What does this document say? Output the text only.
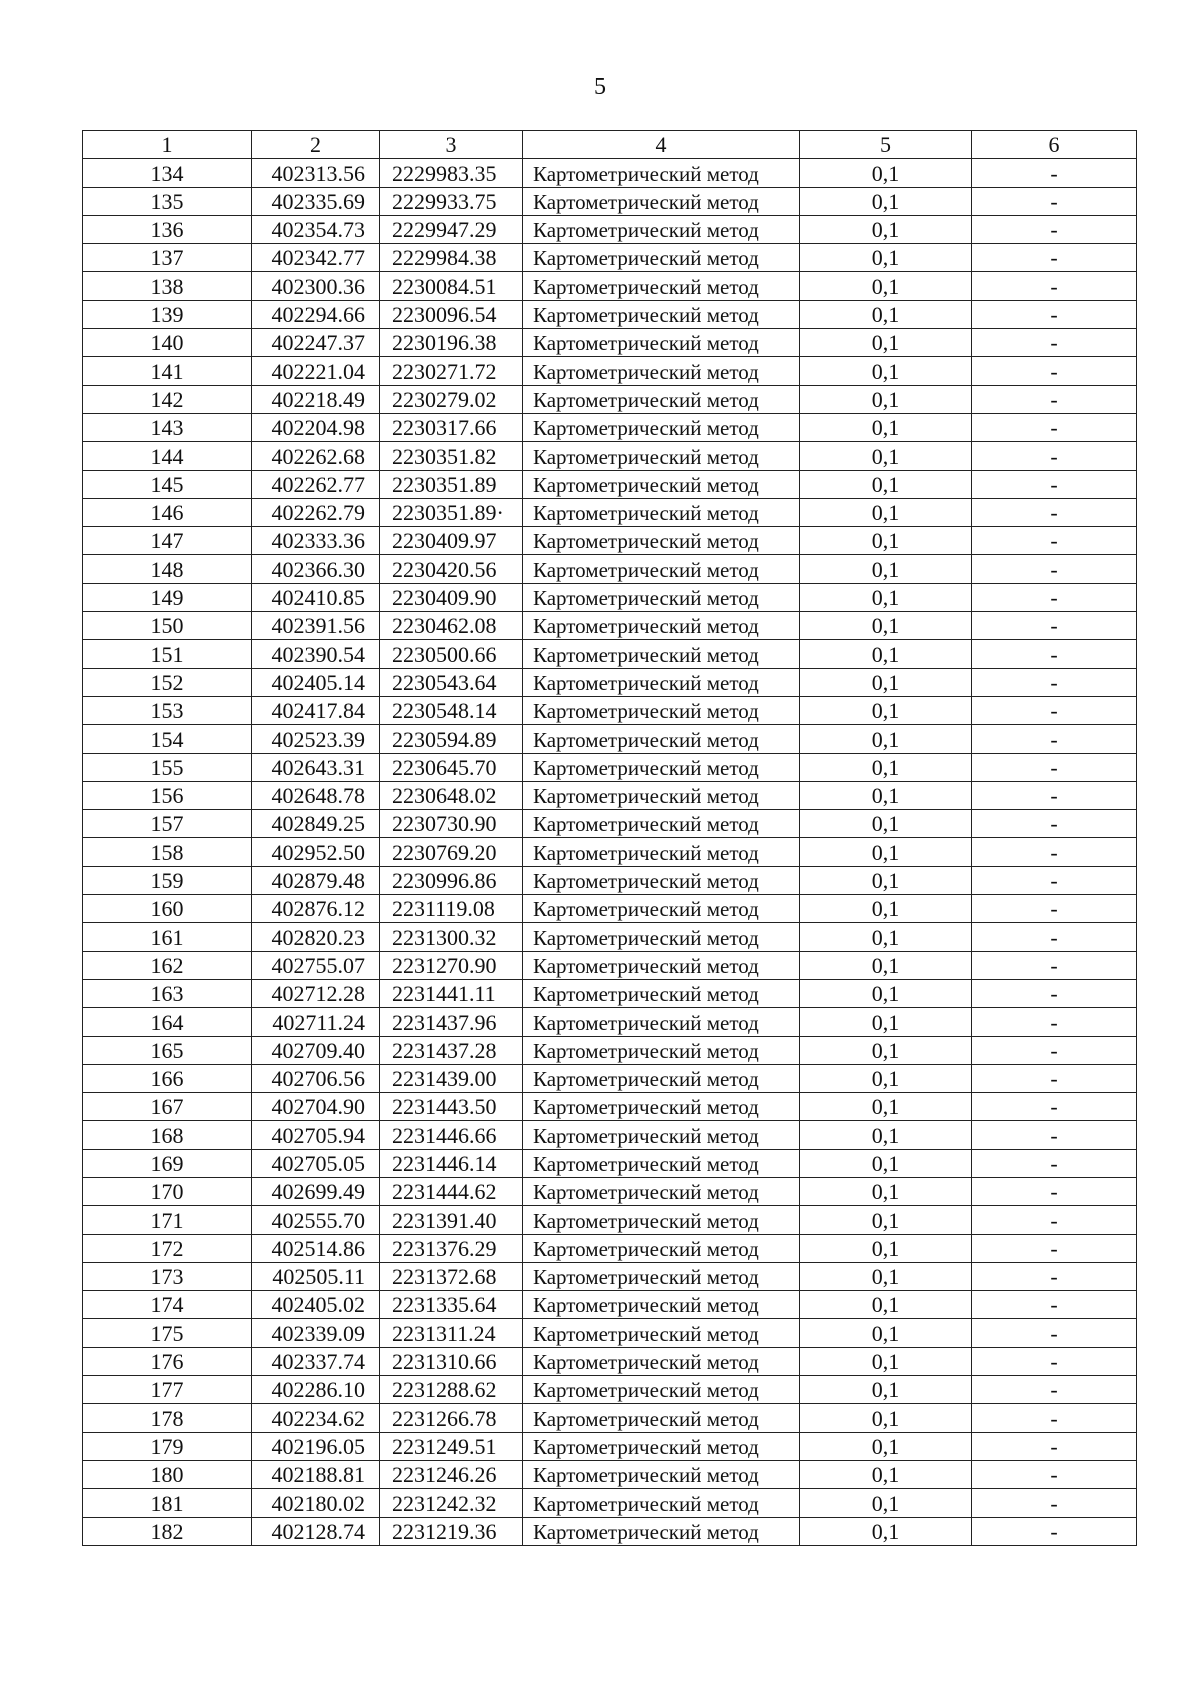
5
1	2	3	4	5	6
134	402313.56	2229983.35	Картометрический метод	0,1	-
135	402335.69	2229933.75	Картометрический метод	0,1	-
136	402354.73	2229947.29	Картометрический метод	0,1	-
137	402342.77	2229984.38	Картометрический метод	0,1	-
138	402300.36	2230084.51	Картометрический метод	0,1	-
139	402294.66	2230096.54	Картометрический метод	0,1	-
140	402247.37	2230196.38	Картометрический метод	0,1	-
141	402221.04	2230271.72	Картометрический метод	0,1	-
142	402218.49	2230279.02	Картометрический метод	0,1	-
143	402204.98	2230317.66	Картометрический метод	0,1	-
144	402262.68	2230351.82	Картометрический метод	0,1	-
145	402262.77	2230351.89	Картометрический метод	0,1	-
146	402262.79	2230351.89·	Картометрический метод	0,1	-
147	402333.36	2230409.97	Картометрический метод	0,1	-
148	402366.30	2230420.56	Картометрический метод	0,1	-
149	402410.85	2230409.90	Картометрический метод	0,1	-
150	402391.56	2230462.08	Картометрический метод	0,1	-
151	402390.54	2230500.66	Картометрический метод	0,1	-
152	402405.14	2230543.64	Картометрический метод	0,1	-
153	402417.84	2230548.14	Картометрический метод	0,1	-
154	402523.39	2230594.89	Картометрический метод	0,1	-
155	402643.31	2230645.70	Картометрический метод	0,1	-
156	402648.78	2230648.02	Картометрический метод	0,1	-
157	402849.25	2230730.90	Картометрический метод	0,1	-
158	402952.50	2230769.20	Картометрический метод	0,1	-
159	402879.48	2230996.86	Картометрический метод	0,1	-
160	402876.12	2231119.08	Картометрический метод	0,1	-
161	402820.23	2231300.32	Картометрический метод	0,1	-
162	402755.07	2231270.90	Картометрический метод	0,1	-
163	402712.28	2231441.11	Картометрический метод	0,1	-
164	402711.24	2231437.96	Картометрический метод	0,1	-
165	402709.40	2231437.28	Картометрический метод	0,1	-
166	402706.56	2231439.00	Картометрический метод	0,1	-
167	402704.90	2231443.50	Картометрический метод	0,1	-
168	402705.94	2231446.66	Картометрический метод	0,1	-
169	402705.05	2231446.14	Картометрический метод	0,1	-
170	402699.49	2231444.62	Картометрический метод	0,1	-
171	402555.70	2231391.40	Картометрический метод	0,1	-
172	402514.86	2231376.29	Картометрический метод	0,1	-
173	402505.11	2231372.68	Картометрический метод	0,1	-
174	402405.02	2231335.64	Картометрический метод	0,1	-
175	402339.09	2231311.24	Картометрический метод	0,1	-
176	402337.74	2231310.66	Картометрический метод	0,1	-
177	402286.10	2231288.62	Картометрический метод	0,1	-
178	402234.62	2231266.78	Картометрический метод	0,1	-
179	402196.05	2231249.51	Картометрический метод	0,1	-
180	402188.81	2231246.26	Картометрический метод	0,1	-
181	402180.02	2231242.32	Картометрический метод	0,1	-
182	402128.74	2231219.36	Картометрический метод	0,1	-
